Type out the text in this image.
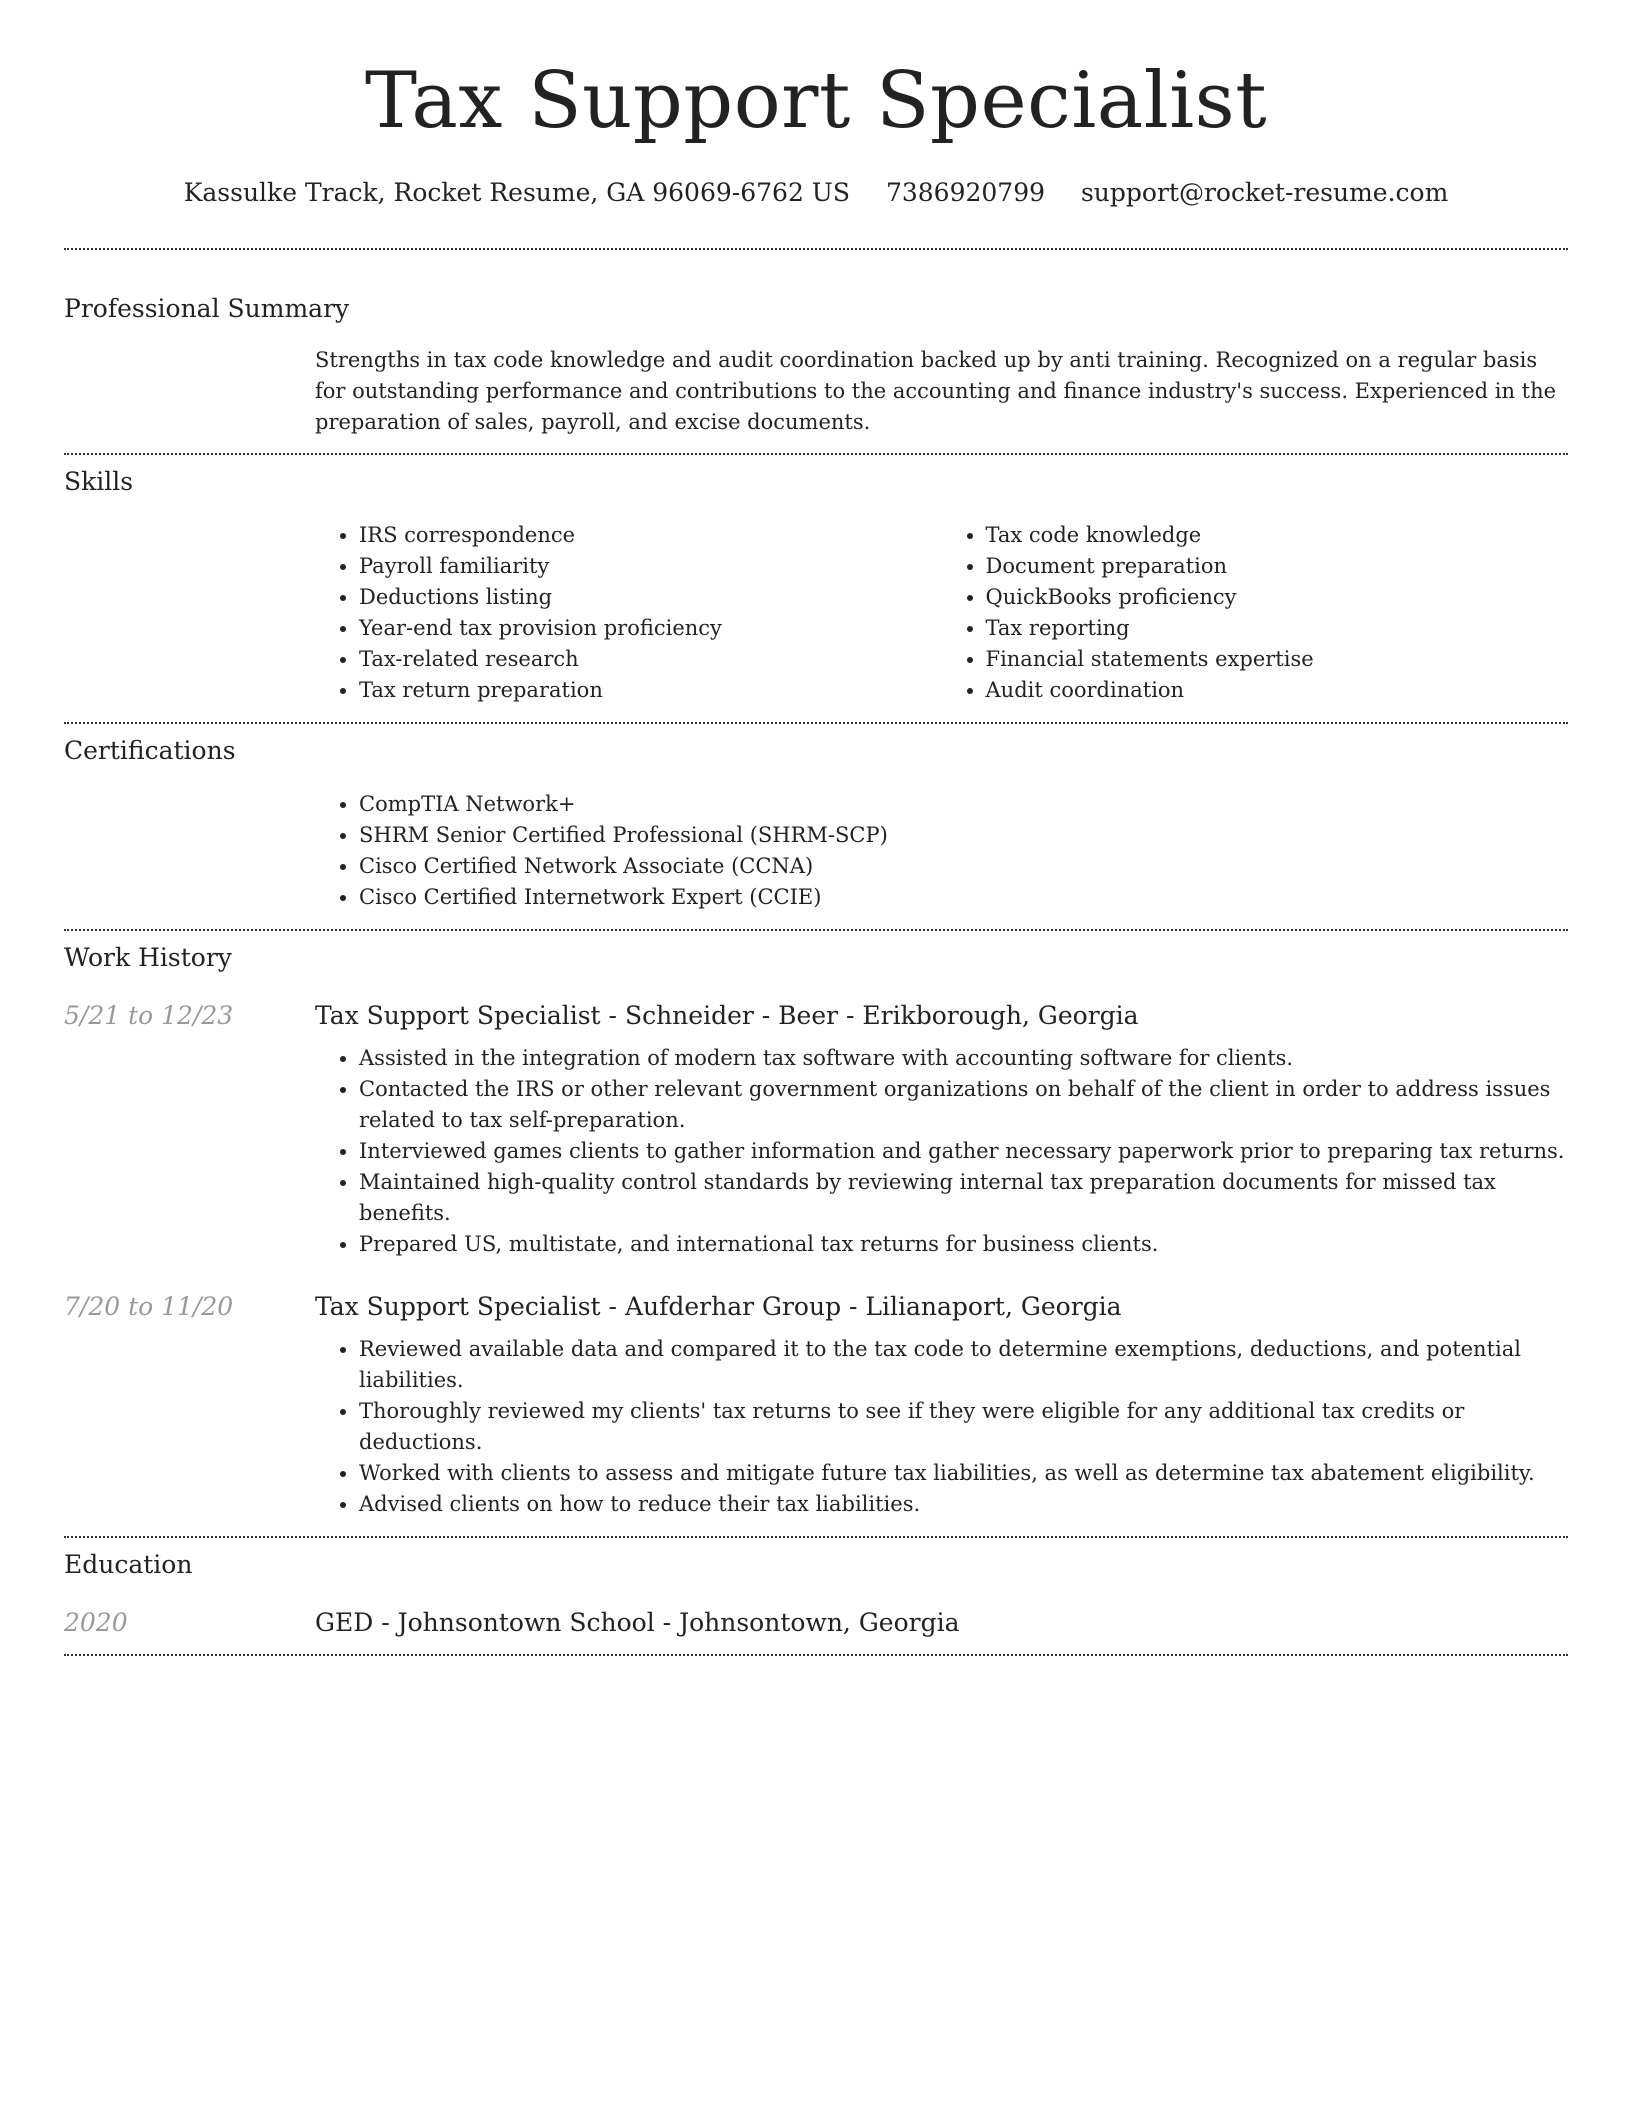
Tax Support Specialist
Kassulke Track, Rocket Resume, GA 96069-6762 US 7386920799 support@rocket-resume.com
Professional Summary

Strengths in tax code knowledge and audit coordination backed up by anti training. Recognized on a regular basis for outstanding performance and contributions to the accounting and finance industry's success. Experienced in the preparation of sales, payroll, and excise documents.

Skills
• IRS correspondence
• Payroll familiarity
• Deductions listing
• Year-end tax provision proficiency
• Tax-related research
• Tax return preparation
• Tax code knowledge
• Document preparation
• QuickBooks proficiency
• Tax reporting
• Financial statements expertise
• Audit coordination
Certifications
• CompTIA Network+
• SHRM Senior Certified Professional (SHRM-SCP)
• Cisco Certified Network Associate (CCNA)
• Cisco Certified Internetwork Expert (CCIE)
Work History
5/21 to 12/23	Tax Support Specialist - Schneider - Beer - Erikborough, Georgia
• Assisted in the integration of modern tax software with accounting software for clients.
• Contacted the IRS or other relevant government organizations on behalf of the client in order to address issues related to tax self-preparation.
• Interviewed games clients to gather information and gather necessary paperwork prior to preparing tax returns.
• Maintained high-quality control standards by reviewing internal tax preparation documents for missed tax benefits.
• Prepared US, multistate, and international tax returns for business clients.
7/20 to 11/20	Tax Support Specialist - Aufderhar Group - Lilianaport, Georgia
• Reviewed available data and compared it to the tax code to determine exemptions, deductions, and potential liabilities.
• Thoroughly reviewed my clients' tax returns to see if they were eligible for any additional tax credits or deductions.
• Worked with clients to assess and mitigate future tax liabilities, as well as determine tax abatement eligibility.
• Advised clients on how to reduce their tax liabilities.
Education
2020	GED - Johnsontown School - Johnsontown, Georgia
